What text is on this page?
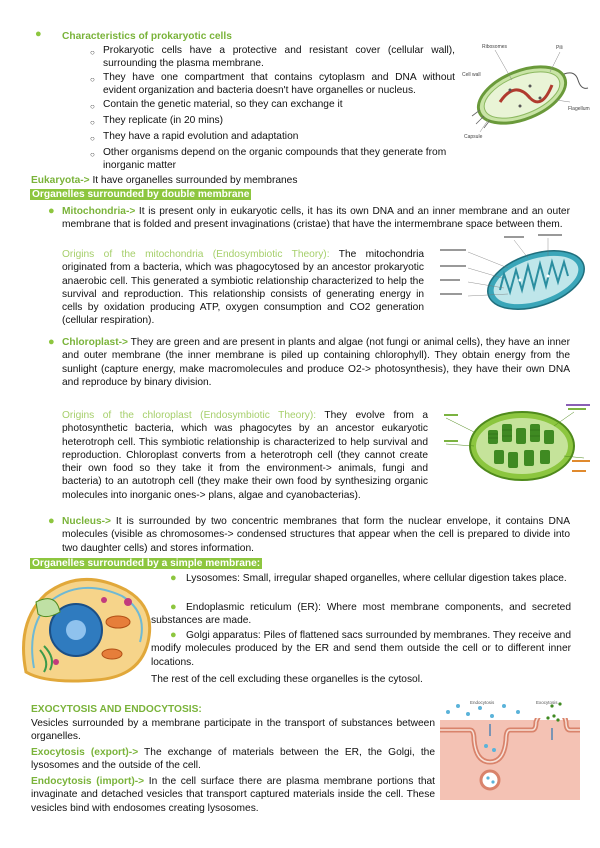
● Characteristics of prokaryotic cells
○ Prokaryotic cells have a protective and resistant cover (cellular wall), surrounding the plasma membrane.
○ They have one compartment that contains cytoplasm and DNA without evident organization and bacteria doesn't have organelles or nucleus.
○ Contain the genetic material, so they can exchange it
○ They replicate (in 20 mins)
○ They have a rapid evolution and adaptation
○ Other organisms depend on the organic compounds that they generate from inorganic matter
Ribosomes	Pili
Flagellum
Capsule
Cell wall
Eukaryota-> It have organelles surrounded by membranes
Organelles surrounded by double membrane
● Mitochondria-> It is present only in eukaryotic cells, it has its own DNA and an inner membrane and an outer membrane that is folded and present invaginations (cristae) that have the intermembrane space between them.
Origins of the mitochondria (Endosymbiotic Theory): The mitochondria originated from a bacteria, which was phagocytosed by an ancestor prokaryotic anaerobic cell. This generated a symbiotic relationship characterized to help the survival and reproduction. This relationship consists of generating energy in cells by oxidation producing ATP, oxygen consumption and CO2 generation (cellular respiration).
● Chloroplast-> They are green and are present in plants and algae (not fungi or animal cells), they have an inner and outer membrane (the inner membrane is piled up containing chlorophyll). They obtain energy from the sunlight (capture energy, make macromolecules and produce O2-> photosynthesis), they have their own DNA and reproduce by binary division.
Origins of the chloroplast (Endosymbiotic Theory): They evolve from a photosynthetic bacteria, which was phagocytes by an ancestor eukaryotic heterotroph cell. This symbiotic relationship is characterized to help survival and reproduction. Chloroplast converts from a heterotroph cell (they cannot create their own food so they take it from the environment-> animals, fungi and bacteria) to an autotroph cell (they make their own food by synthesizing organic molecules into inorganic ones-> plans, algae and cyanobacterias).
● Nucleus-> It is surrounded by two concentric membranes that form the nuclear envelope, it contains DNA molecules (visible as chromosomes-> condensed structures that appear when the cell is prepared to divide into two daughter cells) and stores information.
Organelles surrounded by a simple membrane:
● Lysosomes: Small, irregular shaped organelles, where cellular digestion takes place.
● Endoplasmic reticulum (ER): Where most membrane components, and secreted substances are made.
● Golgi apparatus: Piles of flattened sacs surrounded by membranes. They receive and modify molecules produced by the ER and send them outside the cell or to different inner locations.
The rest of the cell excluding these organelles is the cytosol.
EXOCYTOSIS AND ENDOCYTOSIS:
Vesicles surrounded by a membrane participate in the transport of substances between organelles.
Exocytosis (export)-> The exchange of materials between the ER, the Golgi, the lysosomes and the outside of the cell.
Endocytosis (import)-> In the cell surface there are plasma membrane portions that invaginate and detached vesicles that transport captured materials inside the cell. These vesicles bind with endosomes creating lysosomes.
Endocytosis	Exocytosis
